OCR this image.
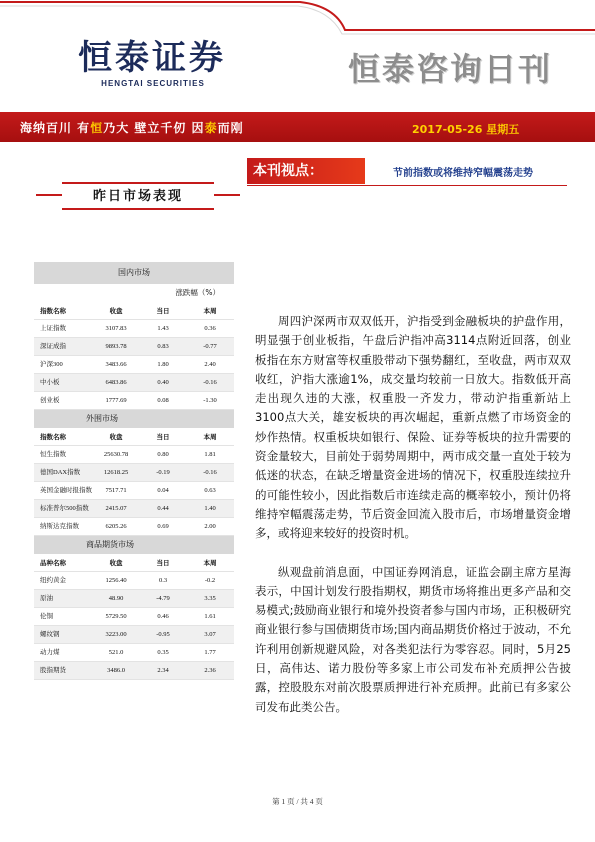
恒泰证券
HENGTAI SECURITIES	恒泰咨询日刊
海纳百川 有恒乃大 壁立千仞 因泰而刚	2017-05-26 星期五
本刊视点：	节前指数或将维持窄幅震荡走势
昨日市场表现
国内市场
涨跌幅（%）
指数名称	收盘	当日	本周
上证指数	3107.83	1.43	0.36
深证成指	9893.78	0.83	-0.77
沪深300	3483.66	1.80	2.40
中小板	6483.86	0.40	-0.16
创业板	1777.69	0.08	-1.30
外围市场
指数名称	收盘	当日	本周
恒生指数	25630.78	0.80	1.81
德国DAX指数	12618.25	-0.19	-0.16
英国金融时报指数	7517.71	0.04	0.63
标准普尔500指数	2415.07	0.44	1.40
纳斯达克指数	6205.26	0.69	2.00
商品期货市场
品种名称	收盘	当日	本周
纽约黄金	1256.40	0.3	-0.2
原油	48.90	-4.79	3.35
伦铜	5729.50	0.46	1.61
螺纹钢	3223.00	-0.95	3.07
动力煤	521.0	0.35	1.77
股指期货	3486.0	2.34	2.36

周四沪深两市双双低开，沪指受到金融板块的护盘作用，明显强于创业板指，午盘后沪指冲高3114点附近回落，创业板指在东方财富等权重股带动下强势翻红，至收盘，两市双双收红，沪指大涨逾1%，成交量均较前一日放大。指数低开高走出现久违的大涨，权重股一齐发力，带动沪指重新站上3100点大关，雄安板块的再次崛起，重新点燃了市场资金的炒作热情。权重板块如银行、保险、证券等板块的拉升需要的资金量较大，目前处于弱势周期中，两市成交量一直处于较为低迷的状态，在缺乏增量资金进场的情况下，权重股连续拉升的可能性较小，因此指数后市连续走高的概率较小，预计仍将维持窄幅震荡走势，节后资金回流入股市后，市场增量资金增多，或将迎来较好的投资时机。

纵观盘前消息面，中国证券网消息，证监会副主席方星海表示，中国计划发行股指期权，期货市场将推出更多产品和交易模式;鼓励商业银行和境外投资者参与国内市场，正积极研究商业银行参与国债期货市场;国内商品期货价格过于波动，不允许利用创新规避风险，对各类犯法行为零容忍。同时，5月25日，高伟达、诺力股份等多家上市公司发布补充质押公告披露，控股股东对前次股票质押进行补充质押。此前已有多家公司发布此类公告。

第 1 页 / 共 4 页
